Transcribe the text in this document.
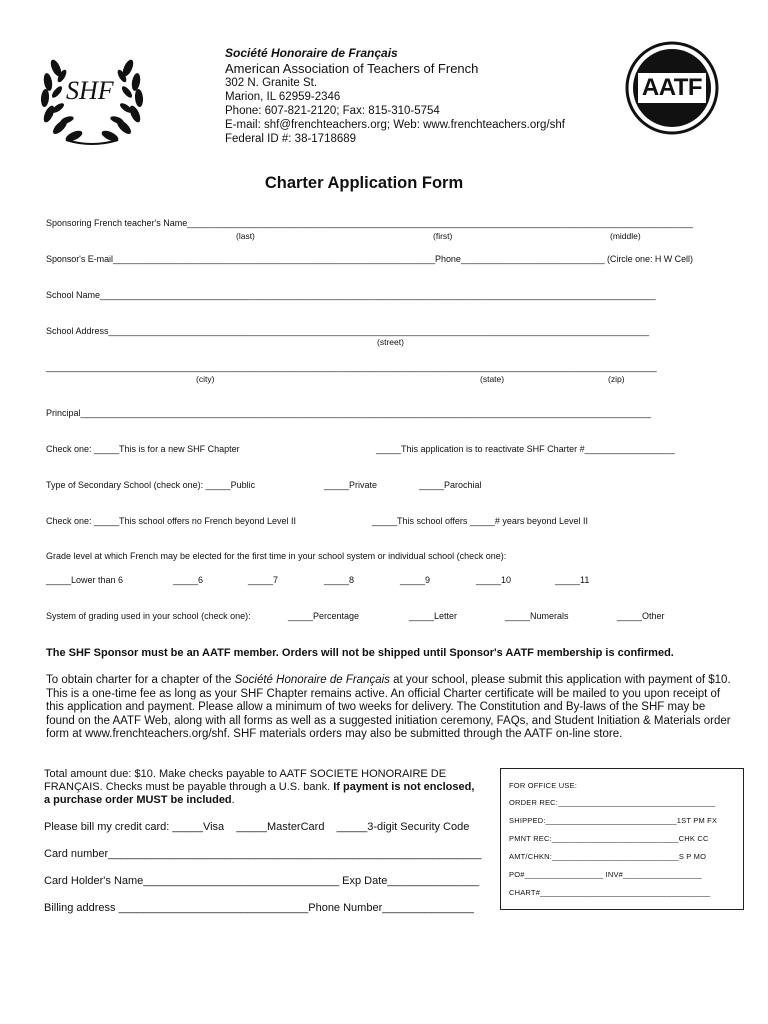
SHF	AATF
Société Honoraire de Français
American Association of Teachers of French
302 N. Granite St.
Marion, IL 62959-2346
Phone: 607-821-2120; Fax: 815-310-5754
E-mail: shf@frenchteachers.org; Web: www.frenchteachers.org/shf
Federal ID #: 38-1718689
Charter Application Form
Sponsoring French teacher's Name_____________________________________________________________________________________________________
(last)	(first)	(middle)
Sponsor's E-mail_________________________________________________________________Phone_____________________________ (Circle one: H W Cell)
School Name_______________________________________________________________________________________________________________
School Address____________________________________________________________________________________________________________
(street)
__________________________________________________________________________________________________________________________
(city)	(state)	(zip)
Principal__________________________________________________________________________________________________________________
Check one: _____This is for a new SHF Chapter	_____This application is to reactivate SHF Charter #__________________
Type of Secondary School (check one): _____Public	_____Private	_____Parochial
Check one: _____This school offers no French beyond Level II	_____This school offers _____# years beyond Level II
Grade level at which French may be elected for the first time in your school system or individual school (check one):
_____Lower than 6	_____6	_____7	_____8	_____9	_____10	_____11
System of grading used in your school (check one):	_____Percentage	_____Letter	_____Numerals	_____Other
The SHF Sponsor must be an AATF member. Orders will not be shipped until Sponsor's AATF membership is confirmed.
To obtain charter for a chapter of the Société Honoraire de Français at your school, please submit this application with payment of $10.
This is a one-time fee as long as your SHF Chapter remains active. An official Charter certificate will be mailed to you upon receipt of
this application and payment. Please allow a minimum of two weeks for delivery. The Constitution and By-laws of the SHF may be
found on the AATF Web, along with all forms as well as a suggested initiation ceremony, FAQs, and Student Initiation & Materials order
form at www.frenchteachers.org/shf. SHF materials orders may also be submitted through the AATF on-line store.
Total amount due: $10. Make checks payable to AATF SOCIETE HONORAIRE DE
FRANÇAIS. Checks must be payable through a U.S. bank. If payment is not enclosed,
a purchase order MUST be included.
Please bill my credit card: _____Visa    _____MasterCard    _____3-digit Security Code
Card number_____________________________________________________________
Card Holder's Name________________________________ Exp Date_______________
Billing address _______________________________Phone Number_______________
FOR OFFICE USE:
ORDER REC:____________________________________
SHIPPED:______________________________1ST PM FX
PMNT REC:_____________________________CHK CC
AMT/CHKN:_____________________________S P MO
PO#__________________ INV#__________________
CHART#_______________________________________
